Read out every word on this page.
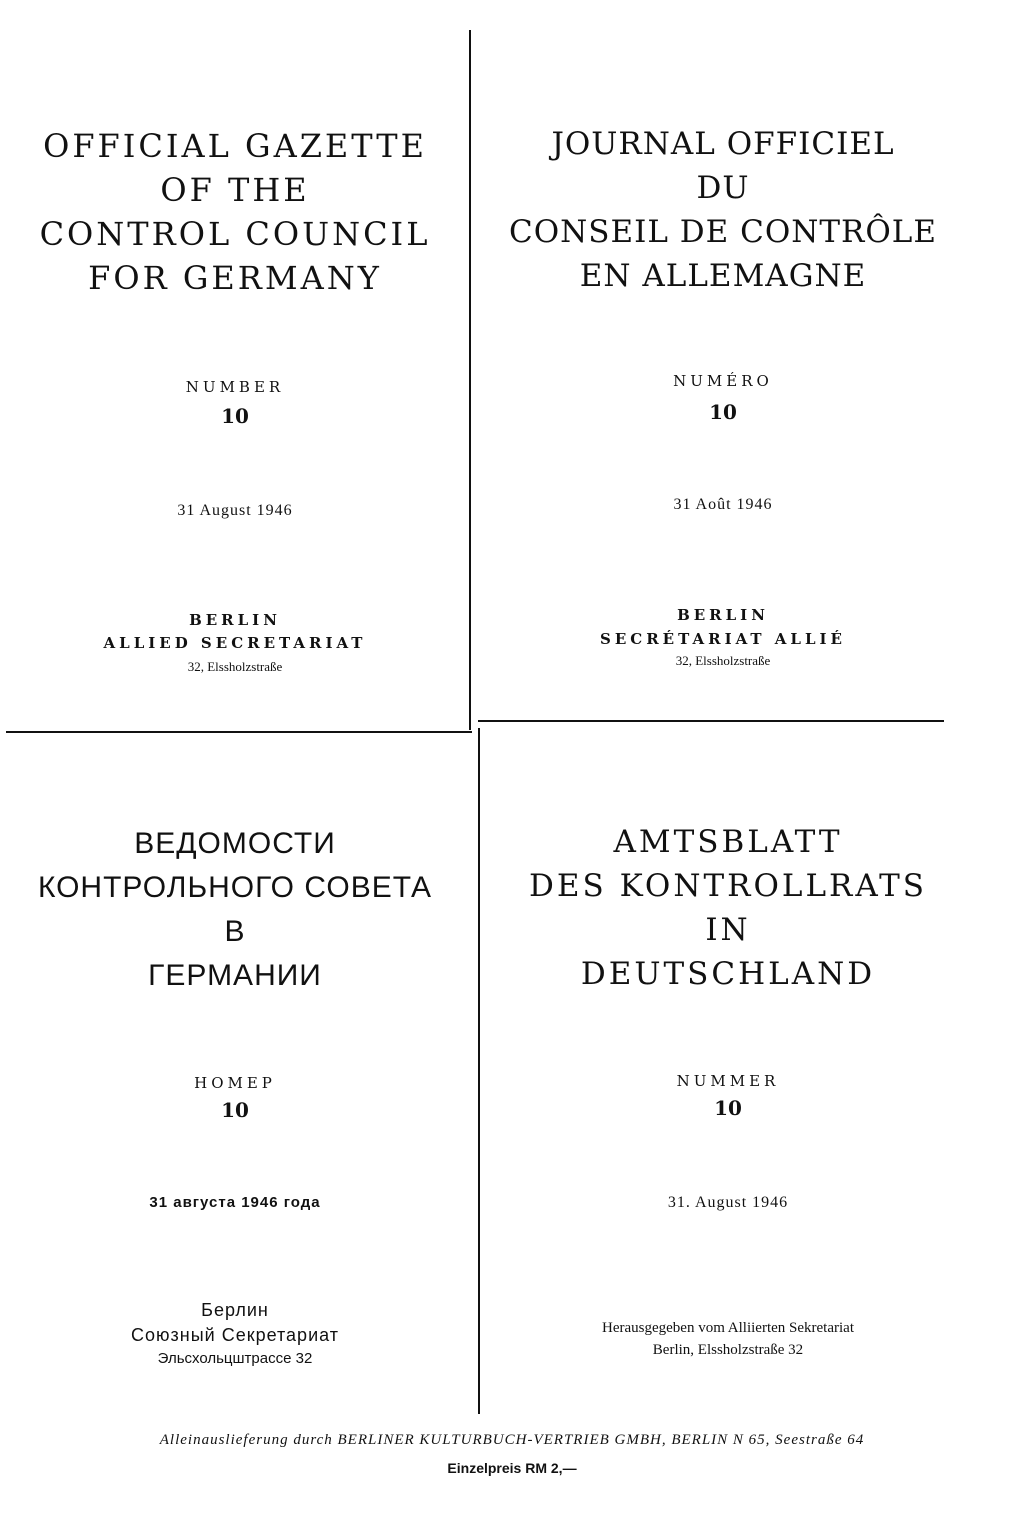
OFFICIAL GAZETTE
OF THE
CONTROL COUNCIL
FOR GERMANY
NUMBER
10
31 August 1946
BERLIN
ALLIED SECRETARIAT
32, Elssholzstraße
JOURNAL OFFICIEL
DU
CONSEIL DE CONTRÔLE
EN ALLEMAGNE
NUMÉRO
10
31 Août 1946
BERLIN
SECRÉTARIAT ALLIÉ
32, Elssholzstraße
ВЕДОМОСТИ
КОНТРОЛЬНОГО СОВЕТА
В
ГЕРМАНИИ
НОМЕР
10
31 августа 1946 года
Берлин
Союзный Секретариат
Эльсхольцштрассе 32
AMTSBLATT
DES KONTROLLRATS
IN
DEUTSCHLAND
NUMMER
10
31. August 1946
Herausgegeben vom Alliierten Sekretariat
Berlin, Elssholzstraße 32
Alleinauslieferung durch BERLINER KULTURBUCH-VERTRIEB GMBH, BERLIN N 65, Seestraße 64
Einzelpreis RM 2,—
